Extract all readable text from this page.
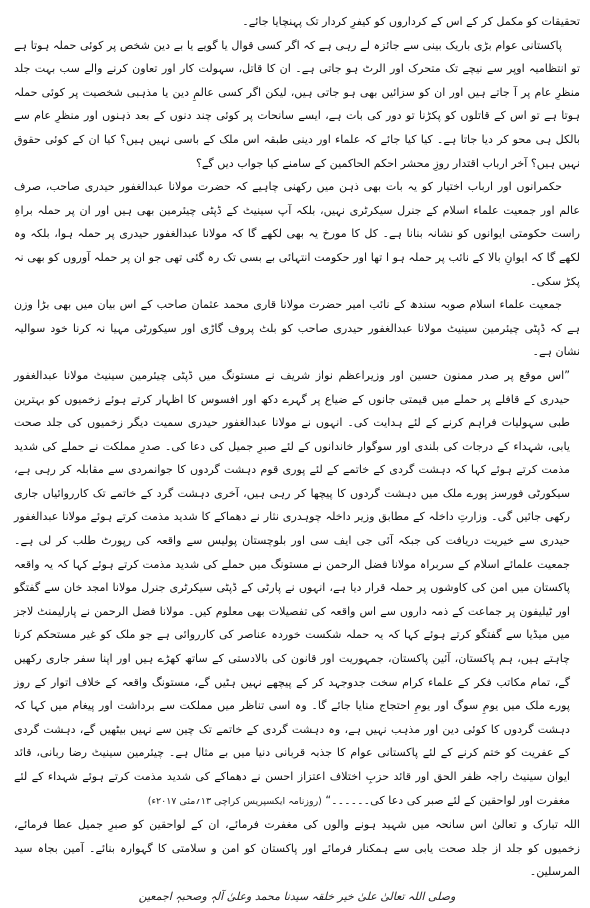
تحقیقات کو مکمل کر کے اس کے کرداروں کو کیفرِ کردار تک پہنچایا جائے۔

پاکستانی عوام بڑی باریک بینی سے جائزہ لے رہی ہے کہ اگر کسی قوال یا گویے یا بے دین شخص پر کوئی حملہ ہوتا ہے تو انتظامیہ اوپر سے نیچے تک متحرک اور الرٹ ہو جاتی ہے۔ ان کا قاتل، سہولت کار اور تعاون کرنے والے سب بہت جلد منظرِ عام پر آ جاتے ہیں اور ان کو سزائیں بھی ہو جاتی ہیں، لیکن اگر کسی عالمِ دین یا مذہبی شخصیت پر کوئی حملہ ہوتا ہے تو اس کے قاتلوں کو پکڑنا تو دور کی بات ہے، ایسے سانحات پر کوئی چند دنوں کے بعد ذہنوں اور منظرِ عام سے بالکل ہی محو کر دیا جاتا ہے۔ کیا کیا جائے کہ علماء اور دینی طبقہ اس ملک کے باسی نہیں ہیں؟ کیا ان کے کوئی حقوق نہیں ہیں؟ آخر ارباب اقتدار روزِ محشر احکم الحاکمین کے سامنے کیا جواب دیں گے؟

حکمرانوں اور ارباب اختیار کو یہ بات بھی ذہن میں رکھنی چاہیے کہ حضرت مولانا عبدالغفور حیدری صاحب، صرف عالم اور جمعیت علماء اسلام کے جنرل سیکرٹری نہیں، بلکہ آپ سینیٹ کے ڈپٹی چیئرمین بھی ہیں اور ان پر حملہ براہِ راست حکومتی ایوانوں کو نشانہ بنانا ہے۔ کل کا مورخ یہ بھی لکھے گا کہ مولانا عبدالغفور حیدری پر حملہ ہوا، بلکہ وہ لکھے گا کہ ایوانِ بالا کے نائب پر حملہ ہو ا تھا اور حکومت انتہائی بے بسی تک رہ گئی تھی جو ان پر حملہ آوروں کو بھی نہ پکڑ سکی۔

جمعیت علماء اسلام صوبہ سندھ کے نائب امیر حضرت مولانا قاری محمد عثمان صاحب کے اس بیان میں بھی بڑا وزن ہے کہ ڈپٹی چیئرمین سینیٹ مولانا عبدالغفور حیدری صاحب کو بلٹ پروف گاڑی اور سیکورٹی مہیا نہ کرنا خود سوالیہ نشان ہے۔

”اس موقع پر صدر ممنون حسین اور وزیراعظم نواز شریف نے مستونگ میں ڈپٹی چیئرمین سینیٹ مولانا عبدالغفور حیدری کے قافلے پر حملے میں قیمتی جانوں کے ضیاع پر گہرے دکھ اور افسوس کا اظہار کرتے ہوئے زخمیوں کو بہترین طبی سہولیات فراہم کرنے کے لئے ہدایت کی۔ انہوں نے مولانا عبدالغفور حیدری سمیت دیگر زخمیوں کی جلد صحت یابی، شہداء کے درجات کی بلندی اور سوگوار خاندانوں کے لئے صبرِ جمیل کی دعا کی۔ صدرِ مملکت نے حملے کی شدید مذمت کرتے ہوئے کہا کہ دہشت گردی کے خاتمے کے لئے پوری قوم دہشت گردوں کا جوانمردی سے مقابلہ کر رہی ہے، سیکورٹی فورسز پورے ملک میں دہشت گردوں کا پیچھا کر رہی ہیں، آخری دہشت گرد کے خاتمے تک کارروائیاں جاری رکھی جائیں گی۔ وزارتِ داخلہ کے مطابق وزیر داخلہ چوہدری نثار نے دھماکے کا شدید مذمت کرتے ہوئے مولانا عبدالغفور حیدری سے خیریت دریافت کی جبکہ آئی جی ایف سی اور بلوچستان پولیس سے واقعہ کی رپورٹ طلب کر لی ہے۔ جمعیت علمائے اسلام کے سربراہ مولانا فضل الرحمن نے مستونگ میں حملے کی شدید مذمت کرتے ہوئے کہا کہ یہ واقعہ پاکستان میں امن کی کاوشوں پر حملہ قرار دیا ہے، انہوں نے پارٹی کے ڈپٹی سیکرٹری جنرل مولانا امجد خان سے گفتگو اور ٹیلیفون پر جماعت کے ذمہ داروں سے اس واقعہ کی تفصیلات بھی معلوم کیں۔ مولانا فضل الرحمن نے پارلیمنٹ لاجز میں میڈیا سے گفتگو کرتے ہوئے کہا کہ یہ حملہ شکست خوردہ عناصر کی کارروائی ہے جو ملک کو غیر مستحکم کرنا چاہتے ہیں، ہم پاکستان، آئین پاکستان، جمہوریت اور قانون کی بالادستی کے ساتھ کھڑے ہیں اور اپنا سفر جاری رکھیں گے، تمام مکاتب فکر کے علماء کرام سخت جدوجہد کر کے پیچھے نہیں ہٹیں گے، مستونگ واقعہ کے خلاف اتوار کے روز پورے ملک میں یومِ سوگ اور یومِ احتجاج منایا جائے گا۔ وہ اسی تناظر میں مملکت سے برداشت اور پیغام میں کہا کہ دہشت گردوں کا کوئی دین اور مذہب نہیں ہے، وہ دہشت گردی کے خاتمے تک چین سے نہیں بیٹھیں گے، دہشت گردی کے عفریت کو ختم کرنے کے لئے پاکستانی عوام کا جذبہ قربانی دنیا میں بے مثال ہے۔ چیئرمین سینیٹ رضا ربانی، قائد ایوان سینیٹ راجہ ظفر الحق اور قائد حزبِ اختلاف اعتزاز احسن نے دھماکے کی شدید مذمت کرتے ہوئے شہداء کے لئے مغفرت اور لواحقین کے لئے صبر کی دعا کی۔۔۔۔۔۔“ (روزنامہ ایکسپریس کراچی ۱۳؍مئی ۲۰۱۷ء)

اللہ تبارک و تعالیٰ اس سانحہ میں شہید ہونے والوں کی مغفرت فرمائے، ان کے لواحقین کو صبرِ جمیل عطا فرمائے، زخمیوں کو جلد از جلد صحت یابی سے ہمکنار فرمائے اور پاکستان کو امن و سلامتی کا گہوارہ بنائے۔ آمین بجاہ سید المرسلین۔

وصلی اللہ تعالیٰ علیٰ خیر خلقہ سیدنا محمد وعلیٰ آلہٖ وصحبہٖ اجمعین
